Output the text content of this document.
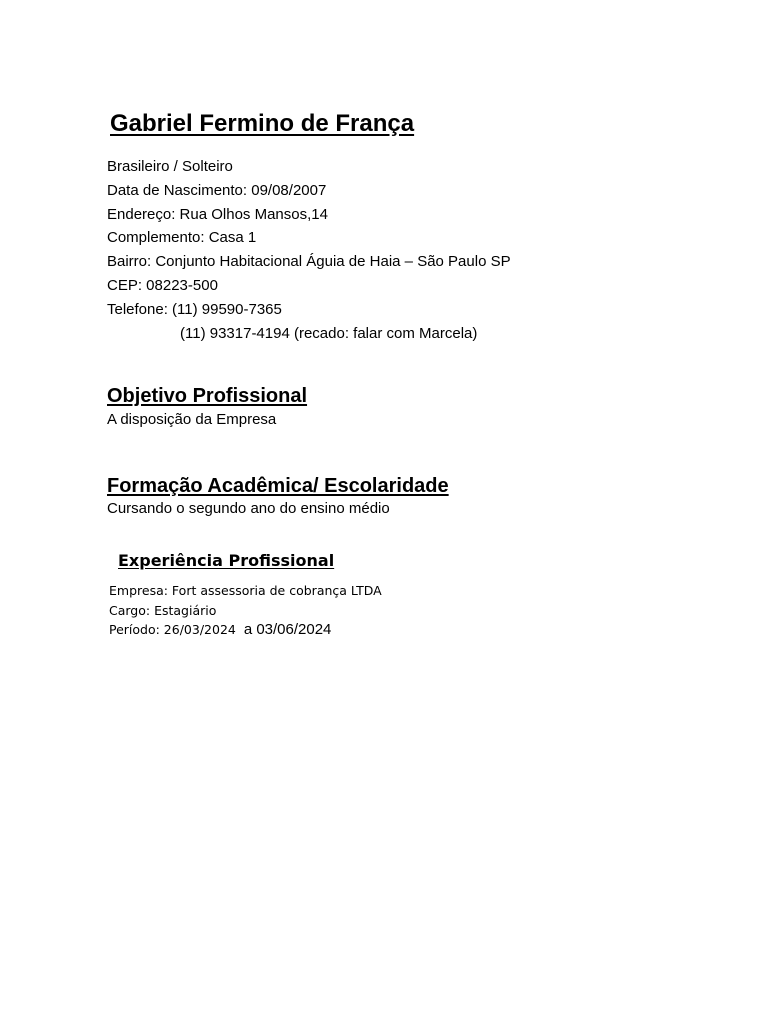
Gabriel Fermino de França
Brasileiro / Solteiro
Data de Nascimento: 09/08/2007
Endereço: Rua Olhos Mansos,14
Complemento: Casa 1
Bairro: Conjunto Habitacional Águia de Haia – São Paulo SP
CEP: 08223-500
Telefone: (11) 99590-7365
(11) 93317-4194 (recado: falar com Marcela)
Objetivo Profissional
A disposição da Empresa
Formação Acadêmica/ Escolaridade
Cursando o segundo ano do ensino médio
Experiência Profissional
Empresa: Fort assessoria de cobrança LTDA
Cargo: Estagiário
Período: 26/03/2024 a 03/06/2024
